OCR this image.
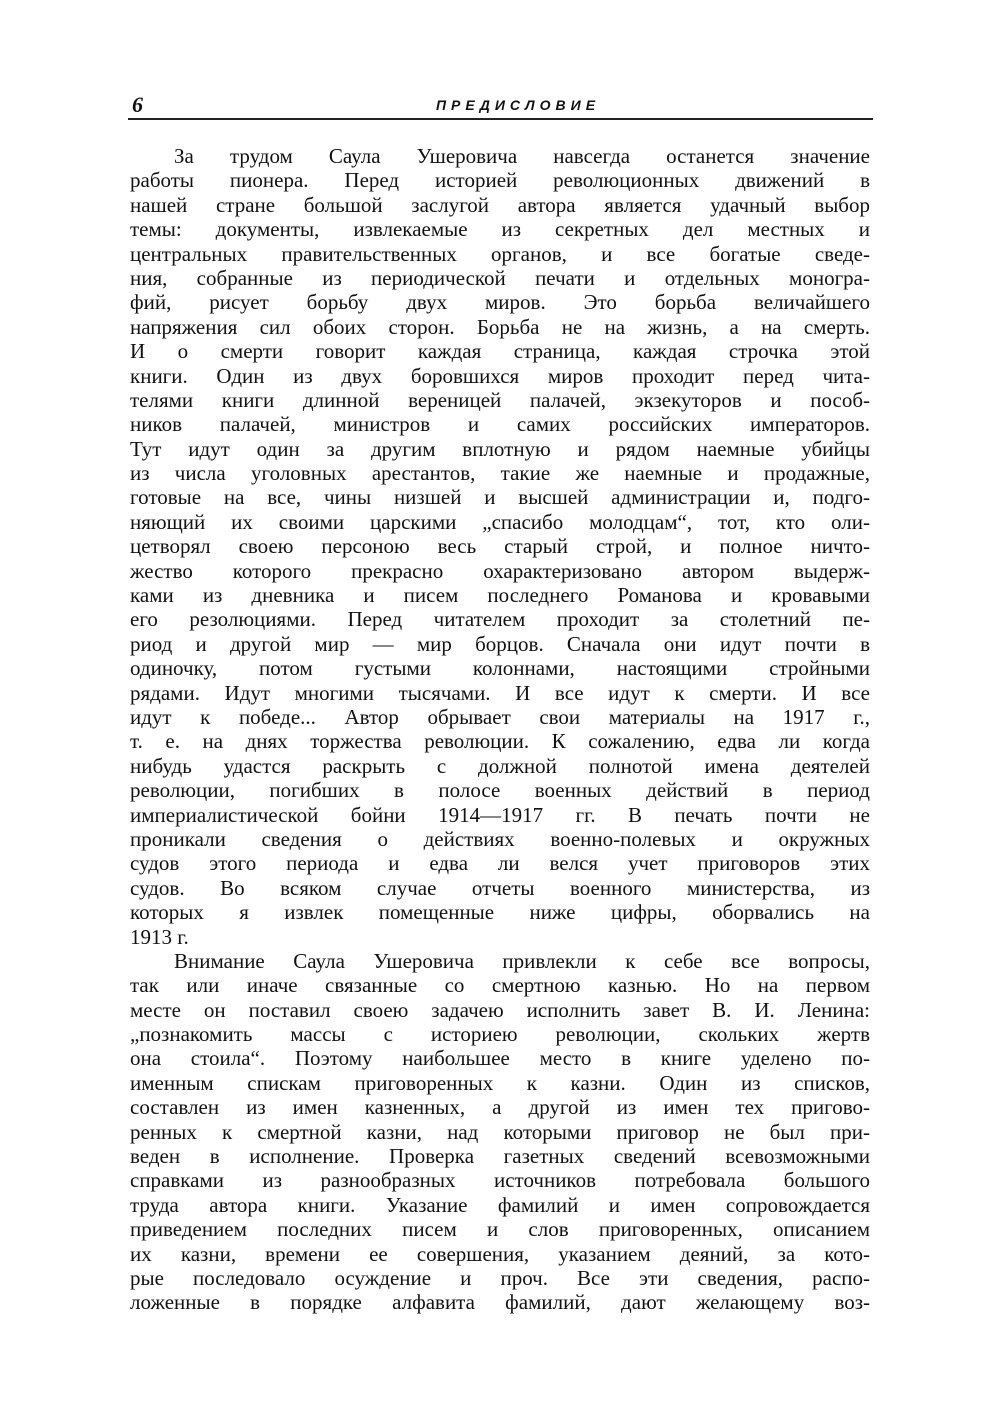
6	ПРЕДИСЛОВИЕ
За трудом Саула Ушеровича навсегда останется значение
работы пионера. Перед историей революционных движений в
нашей стране большой заслугой автора является удачный выбор
темы: документы, извлекаемые из секретных дел местных и
центральных правительственных органов, и все богатые сведе-
ния, собранные из периодической печати и отдельных моногра-
фий, рисует борьбу двух миров. Это борьба величайшего
напряжения сил обоих сторон. Борьба не на жизнь, а на смерть.
И о смерти говорит каждая страница, каждая строчка этой
книги. Один из двух боровшихся миров проходит перед чита-
телями книги длинной вереницей палачей, экзекуторов и пособ-
ников палачей, министров и самих российских императоров.
Тут идут один за другим вплотную и рядом наемные убийцы
из числа уголовных арестантов, такие же наемные и продажные,
готовые на все, чины низшей и высшей администрации и, подго-
няющий их своими царскими „спасибо молодцам“, тот, кто оли-
цетворял своею персоною весь старый строй, и полное ничто-
жество которого прекрасно охарактеризовано автором выдерж-
ками из дневника и писем последнего Романова и кровавыми
его резолюциями. Перед читателем проходит за столетний пе-
риод и другой мир — мир борцов. Сначала они идут почти в
одиночку, потом густыми колоннами, настоящими стройными
рядами. Идут многими тысячами. И все идут к смерти. И все
идут к победе... Автор обрывает свои материалы на 1917 г.,
т. е. на днях торжества революции. К сожалению, едва ли когда
нибудь удастся раскрыть с должной полнотой имена деятелей
революции, погибших в полосе военных действий в период
империалистической бойни 1914—1917 гг. В печать почти не
проникали сведения о действиях военно-полевых и окружных
судов этого периода и едва ли велся учет приговоров этих
судов. Во всяком случае отчеты военного министерства, из
которых я извлек помещенные ниже цифры, оборвались на
1913 г.
Внимание Саула Ушеровича привлекли к себе все вопросы,
так или иначе связанные со смертною казнью. Но на первом
месте он поставил своею задачею исполнить завет В. И. Ленина:
„познакомить массы с историею революции, скольких жертв
она стоила“. Поэтому наибольшее место в книге уделено по-
именным спискам приговоренных к казни. Один из списков,
составлен из имен казненных, а другой из имен тех пригово-
ренных к смертной казни, над которыми приговор не был при-
веден в исполнение. Проверка газетных сведений всевозможными
справками из разнообразных источников потребовала большого
труда автора книги. Указание фамилий и имен сопровождается
приведением последних писем и слов приговоренных, описанием
их казни, времени ее совершения, указанием деяний, за кото-
рые последовало осуждение и проч. Все эти сведения, распо-
ложенные в порядке алфавита фамилий, дают желающему воз-
